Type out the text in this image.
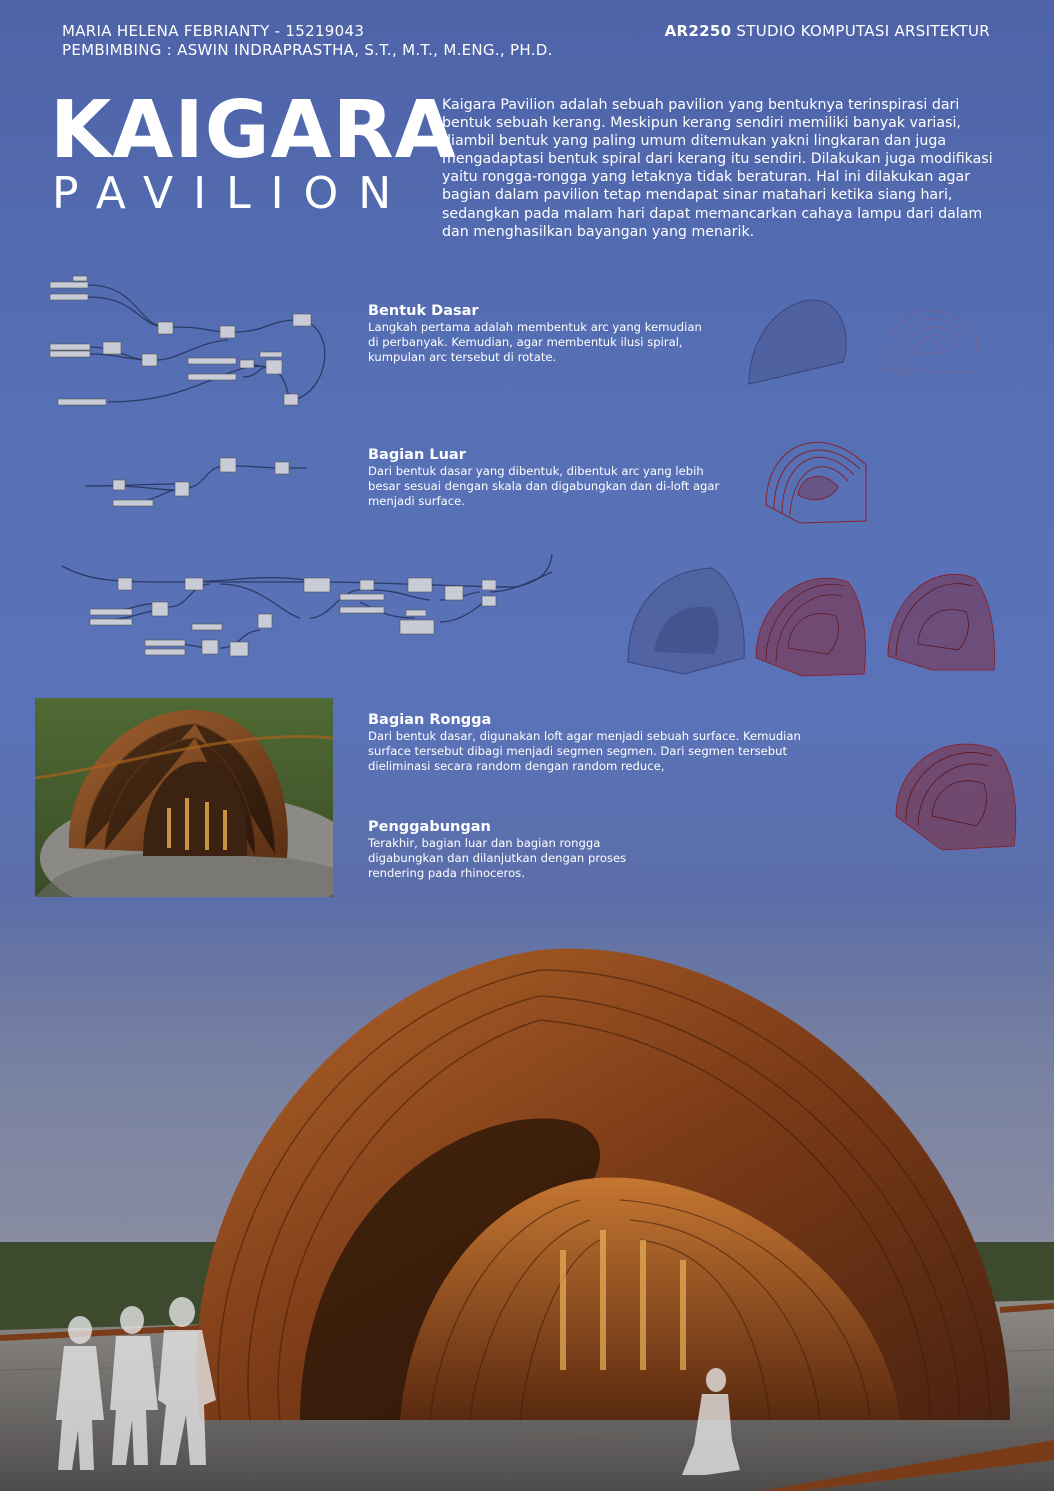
MARIA HELENA FEBRIANTY - 15219043
PEMBIMBING : ASWIN INDRAPRASTHA, S.T., M.T., M.ENG., PH.D.
AR2250 STUDIO KOMPUTASI ARSITEKTUR
KAIGARA
PAVILION
Kaigara Pavilion adalah sebuah pavilion yang bentuknya terinspirasi dari bentuk sebuah kerang. Meskipun kerang sendiri memiliki banyak variasi, diambil bentuk yang paling umum ditemukan yakni lingkaran dan juga mengadaptasi bentuk spiral dari kerang itu sendiri. Dilakukan juga modifikasi yaitu rongga-rongga yang letaknya tidak beraturan. Hal ini dilakukan agar bagian dalam pavilion tetap mendapat sinar matahari ketika siang hari, sedangkan pada malam hari dapat memancarkan cahaya lampu dari dalam dan menghasilkan bayangan yang menarik.
Bentuk Dasar

Langkah pertama adalah membentuk arc yang kemudian di perbanyak. Kemudian, agar membentuk ilusi spiral, kumpulan arc tersebut di rotate.

Bagian Luar

Dari bentuk dasar yang dibentuk, dibentuk arc yang lebih besar sesuai dengan skala dan digabungkan dan di-loft agar menjadi surface.

Bagian Rongga

Dari bentuk dasar, digunakan loft agar menjadi sebuah surface. Kemudian surface tersebut dibagi menjadi segmen segmen. Dari segmen tersebut dieliminasi secara random dengan random reduce,

Penggabungan

Terakhir, bagian luar dan bagian rongga digabungkan dan dilanjutkan dengan proses rendering pada rhinoceros.
